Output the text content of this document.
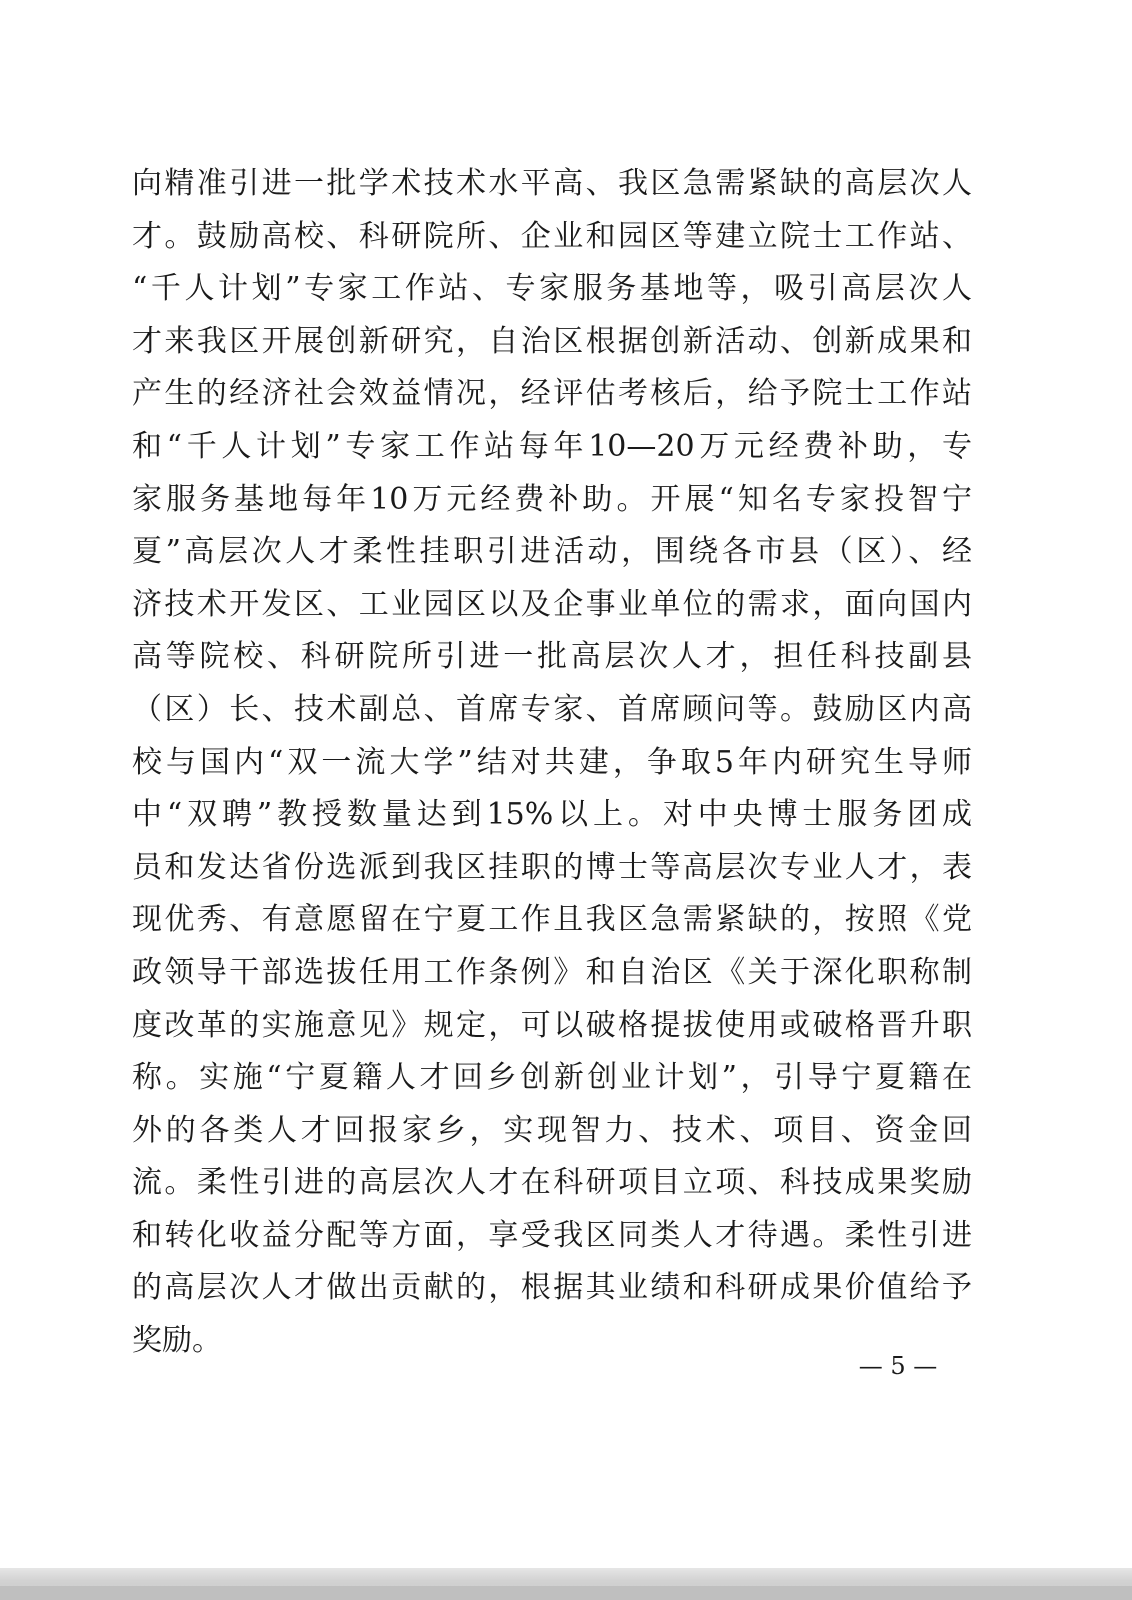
向精准引进一批学术技术水平高、我区急需紧缺的高层次人
才。鼓励高校、科研院所、企业和园区等建立院士工作站、
“千人计划”专家工作站、专家服务基地等，吸引高层次人
才来我区开展创新研究，自治区根据创新活动、创新成果和
产生的经济社会效益情况，经评估考核后，给予院士工作站
和“千人计划”专家工作站每年10—20万元经费补助，专
家服务基地每年10万元经费补助。开展“知名专家投智宁
夏”高层次人才柔性挂职引进活动，围绕各市县（区）、经
济技术开发区、工业园区以及企事业单位的需求，面向国内
高等院校、科研院所引进一批高层次人才，担任科技副县
（区）长、技术副总、首席专家、首席顾问等。鼓励区内高
校与国内“双一流大学”结对共建，争取5年内研究生导师
中“双聘”教授数量达到15%以上。对中央博士服务团成
员和发达省份选派到我区挂职的博士等高层次专业人才，表
现优秀、有意愿留在宁夏工作且我区急需紧缺的，按照《党
政领导干部选拔任用工作条例》和自治区《关于深化职称制
度改革的实施意见》规定，可以破格提拔使用或破格晋升职
称。实施“宁夏籍人才回乡创新创业计划”，引导宁夏籍在
外的各类人才回报家乡，实现智力、技术、项目、资金回
流。柔性引进的高层次人才在科研项目立项、科技成果奖励
和转化收益分配等方面，享受我区同类人才待遇。柔性引进
的高层次人才做出贡献的，根据其业绩和科研成果价值给予
奖励。
— 5 —
